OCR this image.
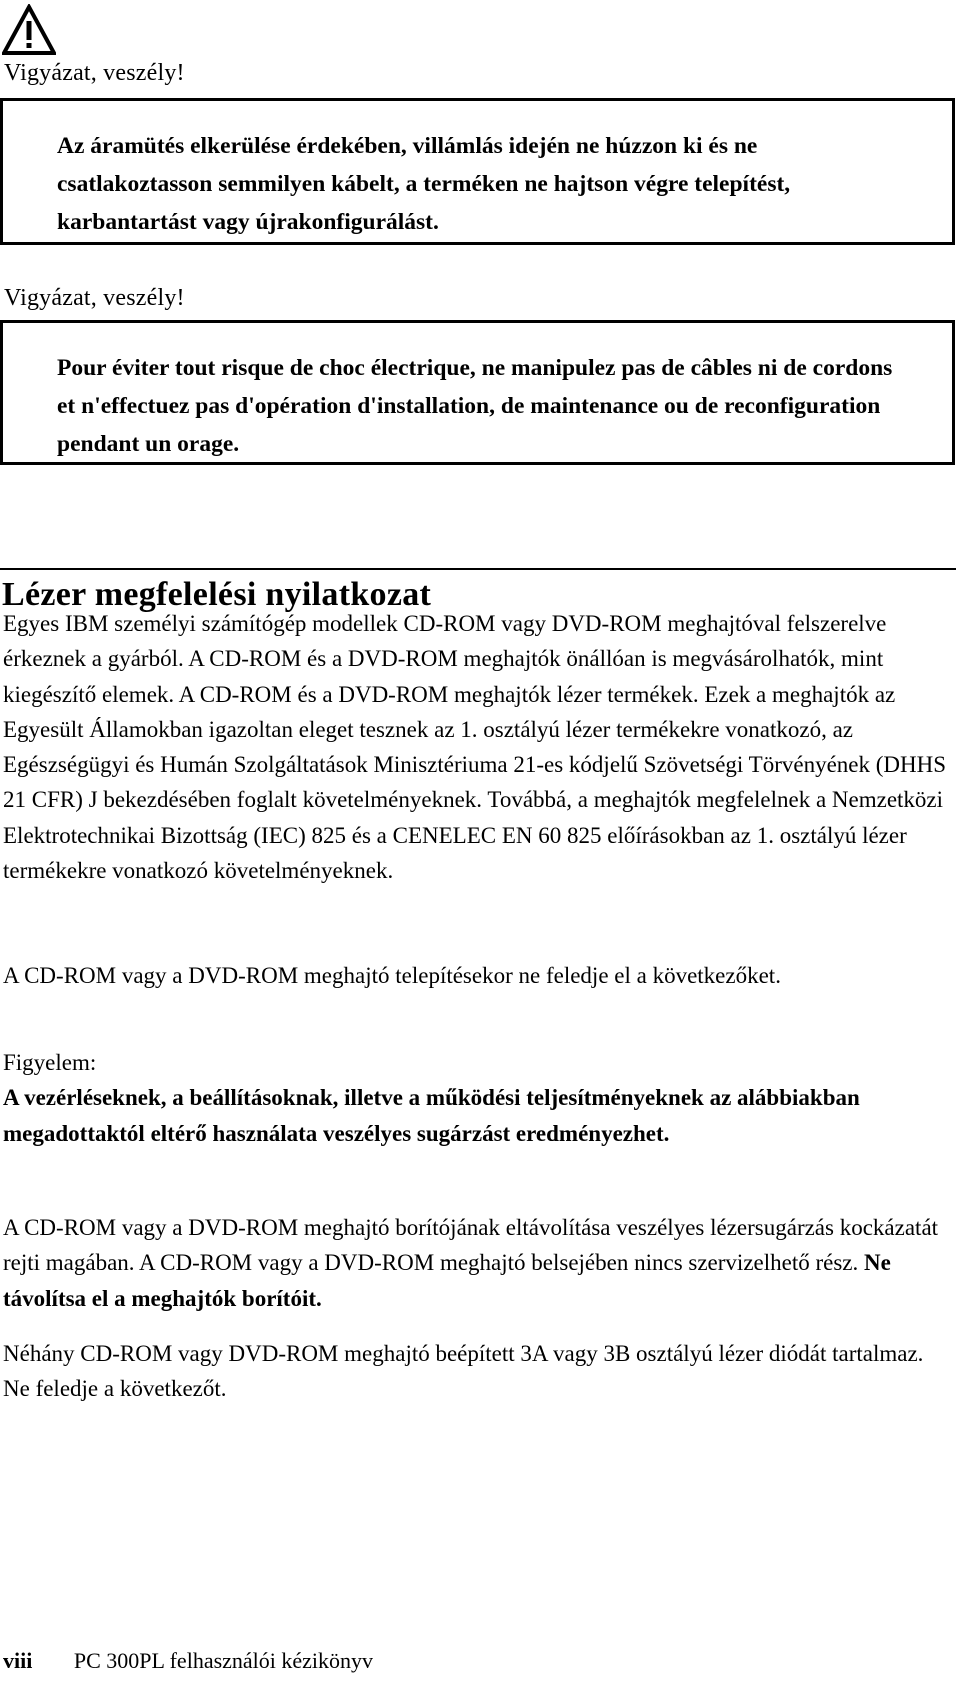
Vigyázat, veszély!
Az áramütés elkerülése érdekében, villámlás idején ne húzzon ki és ne csatlakoztasson semmilyen kábelt, a terméken ne hajtson végre telepítést, karbantartást vagy újrakonfigurálást.
Vigyázat, veszély!
Pour éviter tout risque de choc électrique, ne manipulez pas de câbles ni de cordons et n'effectuez pas d'opération d'installation, de maintenance ou de reconfiguration pendant un orage.
Lézer megfelelési nyilatkozat

Egyes IBM személyi számítógép modellek CD-ROM vagy DVD-ROM meghajtóval felszerelve érkeznek a gyárból. A CD-ROM és a DVD-ROM meghajtók önállóan is megvásárolhatók, mint kiegészítő elemek. A CD-ROM és a DVD-ROM meghajtók lézer termékek. Ezek a meghajtók az Egyesült Államokban igazoltan eleget tesznek az 1. osztályú lézer termékekre vonatkozó, az Egészségügyi és Humán Szolgáltatások Minisztériuma 21-es kódjelű Szövetségi Törvényének (DHHS 21 CFR) J bekezdésében foglalt követelményeknek. Továbbá, a meghajtók megfelelnek a Nemzetközi Elektrotechnikai Bizottság (IEC) 825 és a CENELEC EN 60 825 előírásokban az 1. osztályú lézer termékekre vonatkozó követelményeknek.

A CD-ROM vagy a DVD-ROM meghajtó telepítésekor ne feledje el a következőket.

Figyelem:
A vezérléseknek, a beállításoknak, illetve a működési teljesítményeknek az alábbiakban megadottaktól eltérő használata veszélyes sugárzást eredményezhet.

A CD-ROM vagy a DVD-ROM meghajtó borítójának eltávolítása veszélyes lézersugárzás kockázatát rejti magában. A CD-ROM vagy a DVD-ROM meghajtó belsejében nincs szervizelhető rész. Ne távolítsa el a meghajtók borítóit.

Néhány CD-ROM vagy DVD-ROM meghajtó beépített 3A vagy 3B osztályú lézer diódát tartalmaz. Ne feledje a következőt.

viii PC 300PL felhasználói kézikönyv
